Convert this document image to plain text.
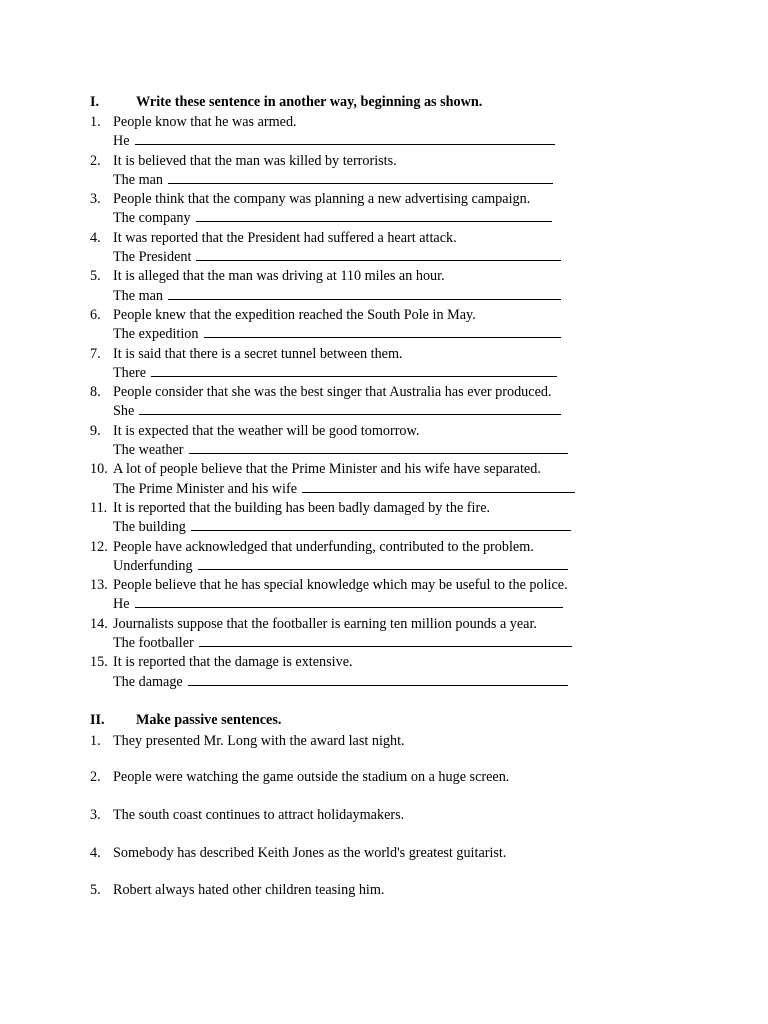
I.	Write these sentence in another way, beginning as shown.
1. People know that he was armed.
He
2. It is believed that the man was killed by terrorists.
The man
3. People think that the company was planning a new advertising campaign.
The company
4. It was reported that the President had suffered a heart attack.
The President
5. It is alleged that the man was driving at 110 miles an hour.
The man
6. People knew that the expedition reached the South Pole in May.
The expedition
7. It is said that there is a secret tunnel between them.
There
8. People consider that she was the best singer that Australia has ever produced.
She
9. It is expected that the weather will be good tomorrow.
The weather
10. A lot of people believe that the Prime Minister and his wife have separated.
The Prime Minister and his wife
11. It is reported that the building has been badly damaged by the fire.
The building
12. People have acknowledged that underfunding, contributed to the problem.
Underfunding
13. People believe that he has special knowledge which may be useful to the police.
He
14. Journalists suppose that the footballer is earning ten million pounds a year.
The footballer
15. It is reported that the damage is extensive.
The damage
II. Make passive sentences.
1. They presented Mr. Long with the award last night.
2. People were watching the game outside the stadium on a huge screen.
3. The south coast continues to attract holidaymakers.
4. Somebody has described Keith Jones as the world's greatest guitarist.
5. Robert always hated other children teasing him.
